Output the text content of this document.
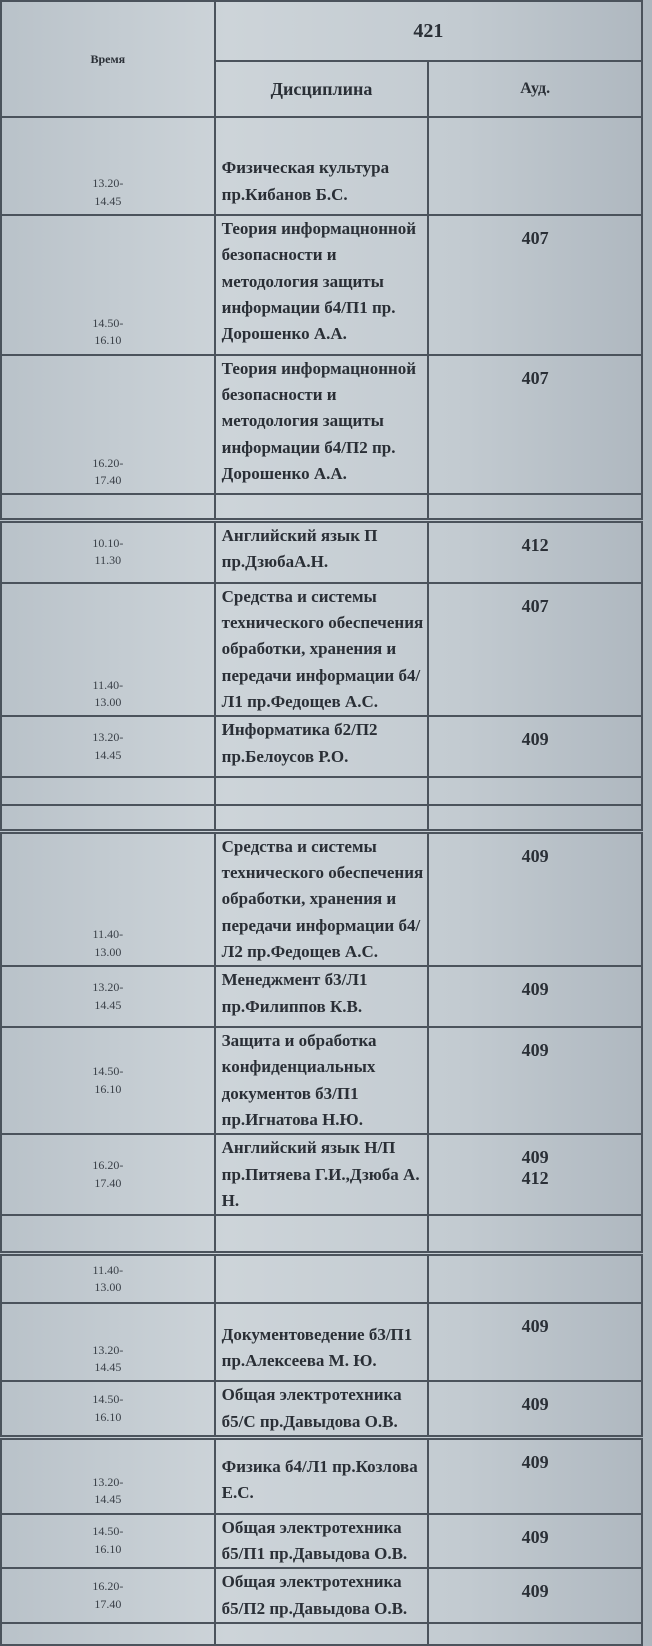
Время	421	
	Дисциплина	Ауд.
13.20-
14.45	Физическая культура пр.Кибанов Б.С.	
14.50-
16.10	Теория информацнонной безопасности и методология защиты информации б4/П1 пр. Дорошенко А.А.	407
16.20-
17.40	Теория информацнонной безопасности и методология защиты информации б4/П2 пр. Дорошенко А.А.	407

10.10-
11.30	Английский язык П пр.ДзюбаА.Н.	412
11.40-
13.00	Средства и системы технического обеспечения обработки, хранения и передачи информации б4/Л1 пр.Федощев А.С.	407
13.20-
14.45	Информатика б2/П2 пр.Белоусов Р.О.	409

11.40-
13.00	Средства и системы технического обеспечения обработки, хранения и передачи информации б4/Л2 пр.Федощев А.С.	409
13.20-
14.45	Менеджмент б3/Л1 пр.Филиппов К.В.	409
14.50-
16.10	Защита и обработка конфиденциальных документов б3/П1 пр.Игнатова Н.Ю.	409
16.20-
17.40	Английский язык Н/П пр.Питяева Г.И.,Дзюба А. Н.	409
412

11.40-
13.00		
13.20-
14.45	Документоведение б3/П1 пр.Алексеева М. Ю.	409
14.50-
16.10	Общая электротехника б5/С пр.Давыдова О.В.	409
13.20-
14.45	Физика б4/Л1 пр.Козлова Е.С.	409
14.50-
16.10	Общая электротехника б5/П1 пр.Давыдова О.В.	409
16.20-
17.40	Общая электротехника б5/П2 пр.Давыдова О.В.	409
